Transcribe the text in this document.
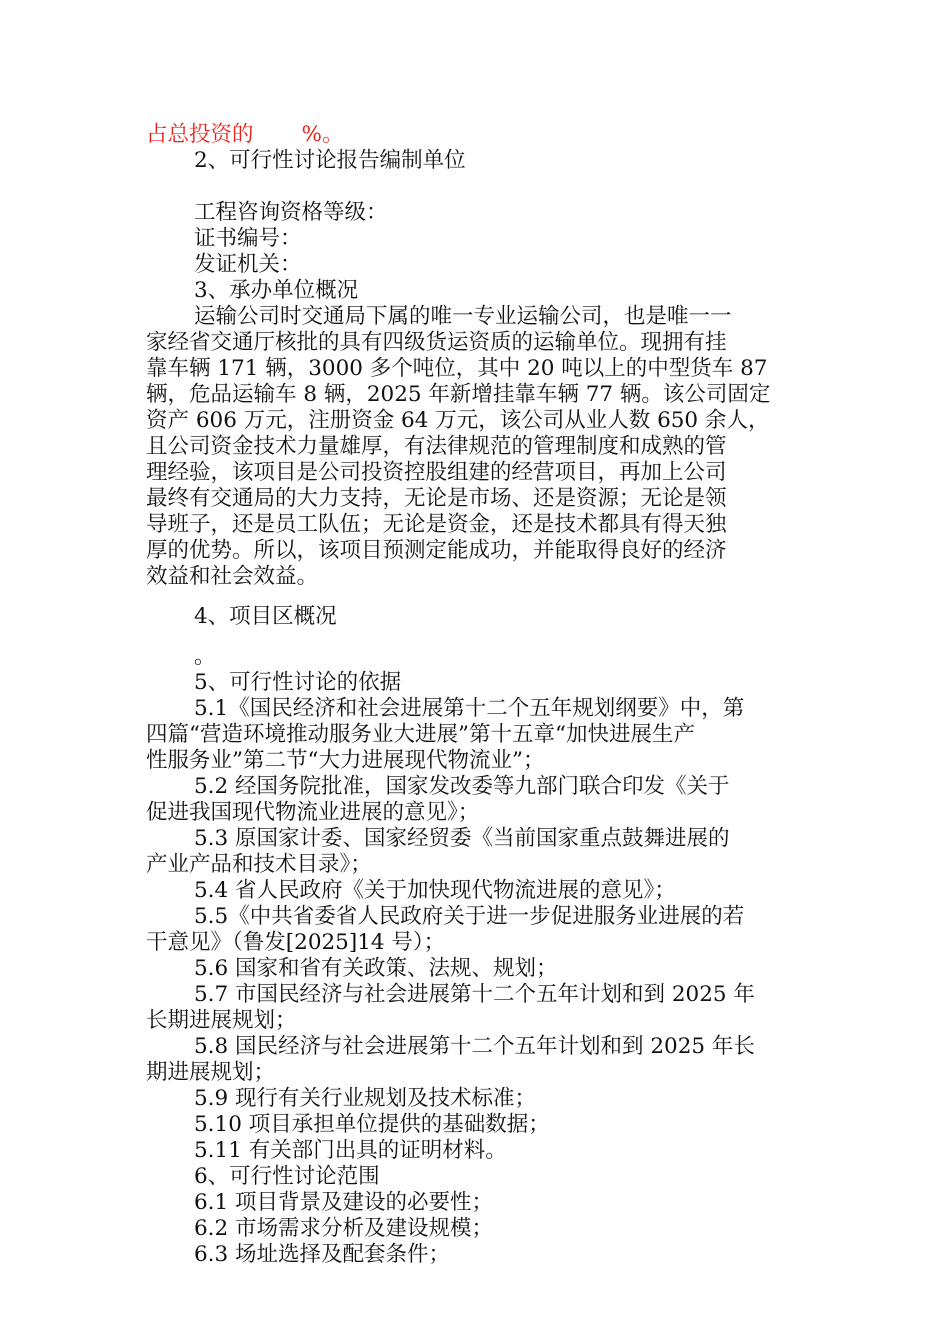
占总投资的 %。
2、可行性讨论报告编制单位
工程咨询资格等级：
证书编号：
发证机关：
3、承办单位概况
运输公司时交通局下属的唯一专业运输公司，也是唯一一
家经省交通厅核批的具有四级货运资质的运输单位。现拥有挂
靠车辆 171 辆，3000 多个吨位，其中 20 吨以上的中型货车 87
辆，危品运输车 8 辆，2025 年新增挂靠车辆 77 辆。该公司固定
资产 606 万元，注册资金 64 万元，该公司从业人数 650 余人，
且公司资金技术力量雄厚，有法律规范的管理制度和成熟的管
理经验，该项目是公司投资控股组建的经营项目，再加上公司
最终有交通局的大力支持，无论是市场、还是资源；无论是领
导班子，还是员工队伍；无论是资金，还是技术都具有得天独
厚的优势。所以，该项目预测定能成功，并能取得良好的经济
效益和社会效益。
4、项目区概况
。
5、可行性讨论的依据
5.1《国民经济和社会进展第十二个五年规划纲要》中，第
四篇“营造环境推动服务业大进展”第十五章“加快进展生产
性服务业”第二节“大力进展现代物流业”；
5.2 经国务院批准，国家发改委等九部门联合印发《关于
促进我国现代物流业进展的意见》；
5.3 原国家计委、国家经贸委《当前国家重点鼓舞进展的
产业产品和技术目录》；
5.4 省人民政府《关于加快现代物流进展的意见》；
5.5《中共省委省人民政府关于进一步促进服务业进展的若
干意见》（鲁发[2025]14 号）；
5.6 国家和省有关政策、法规、规划；
5.7 市国民经济与社会进展第十二个五年计划和到 2025 年
长期进展规划；
5.8 国民经济与社会进展第十二个五年计划和到 2025 年长
期进展规划；
5.9 现行有关行业规划及技术标准；
5.10 项目承担单位提供的基础数据；
5.11 有关部门出具的证明材料。
6、可行性讨论范围
6.1 项目背景及建设的必要性；
6.2 市场需求分析及建设规模；
6.3 场址选择及配套条件；
